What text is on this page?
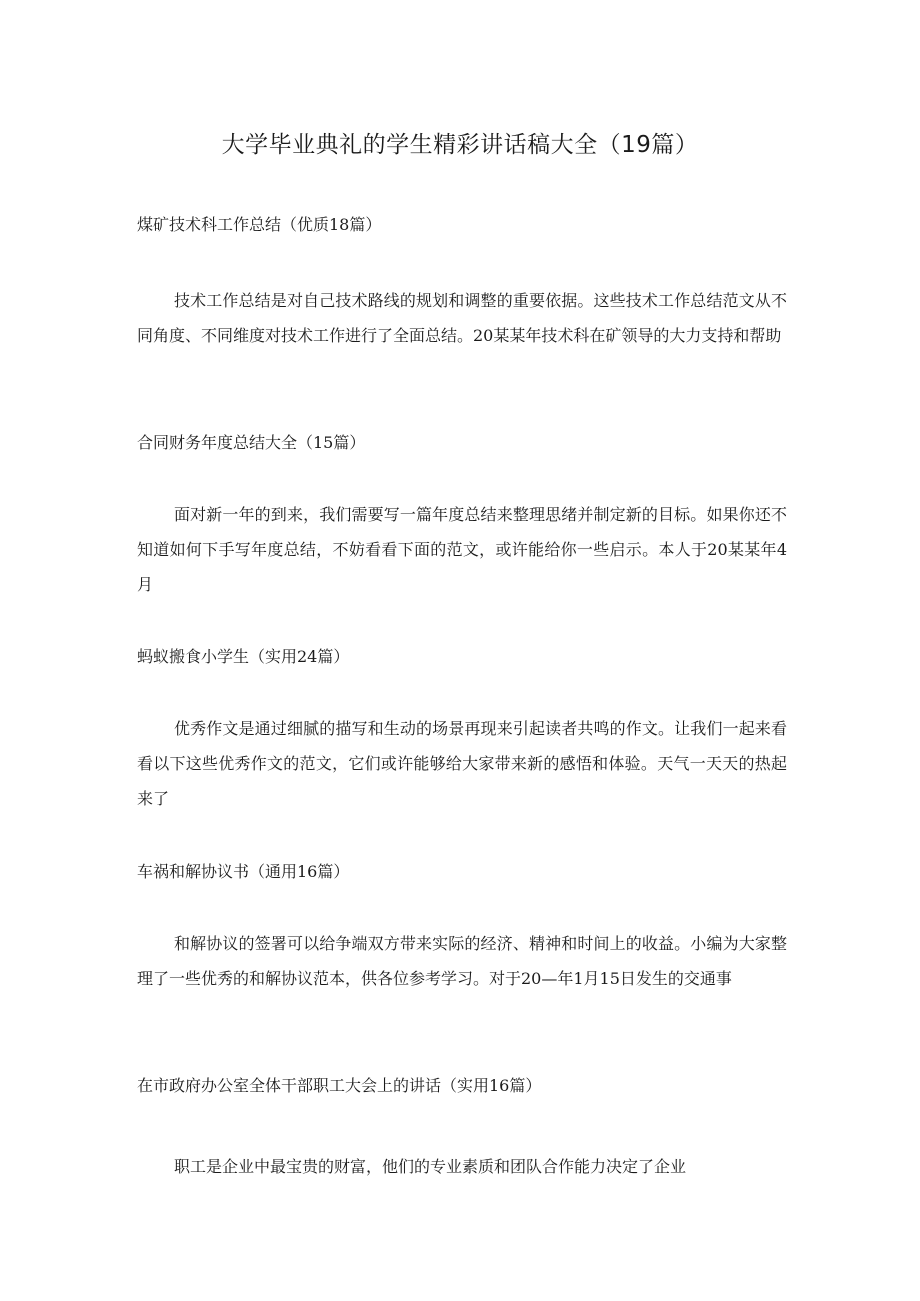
大学毕业典礼的学生精彩讲话稿大全（19篇）

煤矿技术科工作总结（优质18篇）

技术工作总结是对自己技术路线的规划和调整的重要依据。这些技术工作总结范文从不同角度、不同维度对技术工作进行了全面总结。20某某年技术科在矿领导的大力支持和帮助

合同财务年度总结大全（15篇）

面对新一年的到来，我们需要写一篇年度总结来整理思绪并制定新的目标。如果你还不知道如何下手写年度总结，不妨看看下面的范文，或许能给你一些启示。本人于20某某年4月

蚂蚁搬食小学生（实用24篇）

优秀作文是通过细腻的描写和生动的场景再现来引起读者共鸣的作文。让我们一起来看看以下这些优秀作文的范文，它们或许能够给大家带来新的感悟和体验。天气一天天的热起来了

车祸和解协议书（通用16篇）

和解协议的签署可以给争端双方带来实际的经济、精神和时间上的收益。小编为大家整理了一些优秀的和解协议范本，供各位参考学习。对于20—年1月15日发生的交通事

在市政府办公室全体干部职工大会上的讲话（实用16篇）

职工是企业中最宝贵的财富，他们的专业素质和团队合作能力决定了企业
